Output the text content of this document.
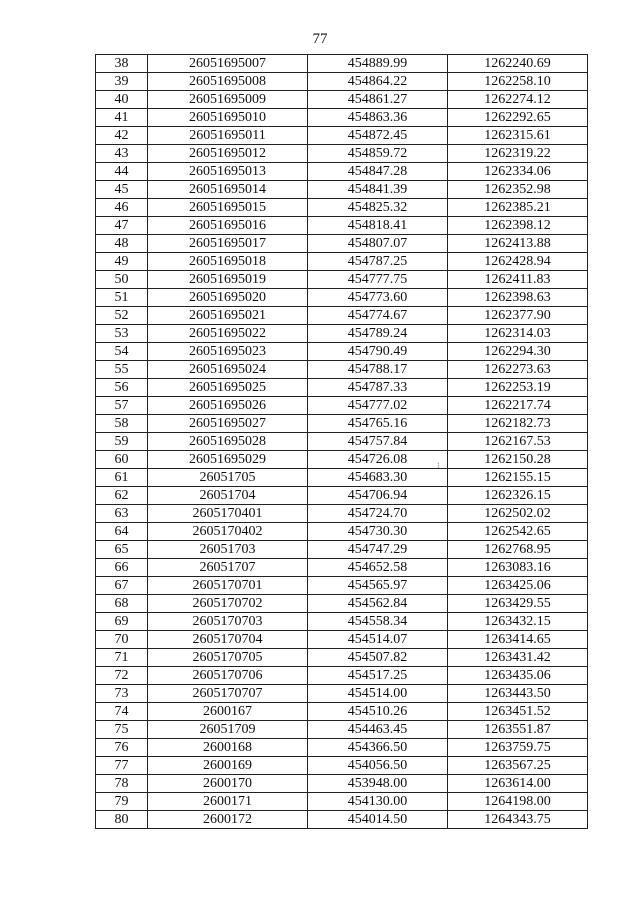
77
38	26051695007	454889.99	1262240.69
39	26051695008	454864.22	1262258.10
40	26051695009	454861.27	1262274.12
41	26051695010	454863.36	1262292.65
42	26051695011	454872.45	1262315.61
43	26051695012	454859.72	1262319.22
44	26051695013	454847.28	1262334.06
45	26051695014	454841.39	1262352.98
46	26051695015	454825.32	1262385.21
47	26051695016	454818.41	1262398.12
48	26051695017	454807.07	1262413.88
49	26051695018	454787.25	1262428.94
50	26051695019	454777.75	1262411.83
51	26051695020	454773.60	1262398.63
52	26051695021	454774.67	1262377.90
53	26051695022	454789.24	1262314.03
54	26051695023	454790.49	1262294.30
55	26051695024	454788.17	1262273.63
56	26051695025	454787.33	1262253.19
57	26051695026	454777.02	1262217.74
58	26051695027	454765.16	1262182.73
59	26051695028	454757.84	1262167.53
60	26051695029	454726.08	1262150.28
61	26051705	454683.30	1262155.15
62	26051704	454706.94	1262326.15
63	2605170401	454724.70	1262502.02
64	2605170402	454730.30	1262542.65
65	26051703	454747.29	1262768.95
66	26051707	454652.58	1263083.16
67	2605170701	454565.97	1263425.06
68	2605170702	454562.84	1263429.55
69	2605170703	454558.34	1263432.15
70	2605170704	454514.07	1263414.65
71	2605170705	454507.82	1263431.42
72	2605170706	454517.25	1263435.06
73	2605170707	454514.00	1263443.50
74	2600167	454510.26	1263451.52
75	26051709	454463.45	1263551.87
76	2600168	454366.50	1263759.75
77	2600169	454056.50	1263567.25
78	2600170	453948.00	1263614.00
79	2600171	454130.00	1264198.00
80	2600172	454014.50	1264343.75
⁝
